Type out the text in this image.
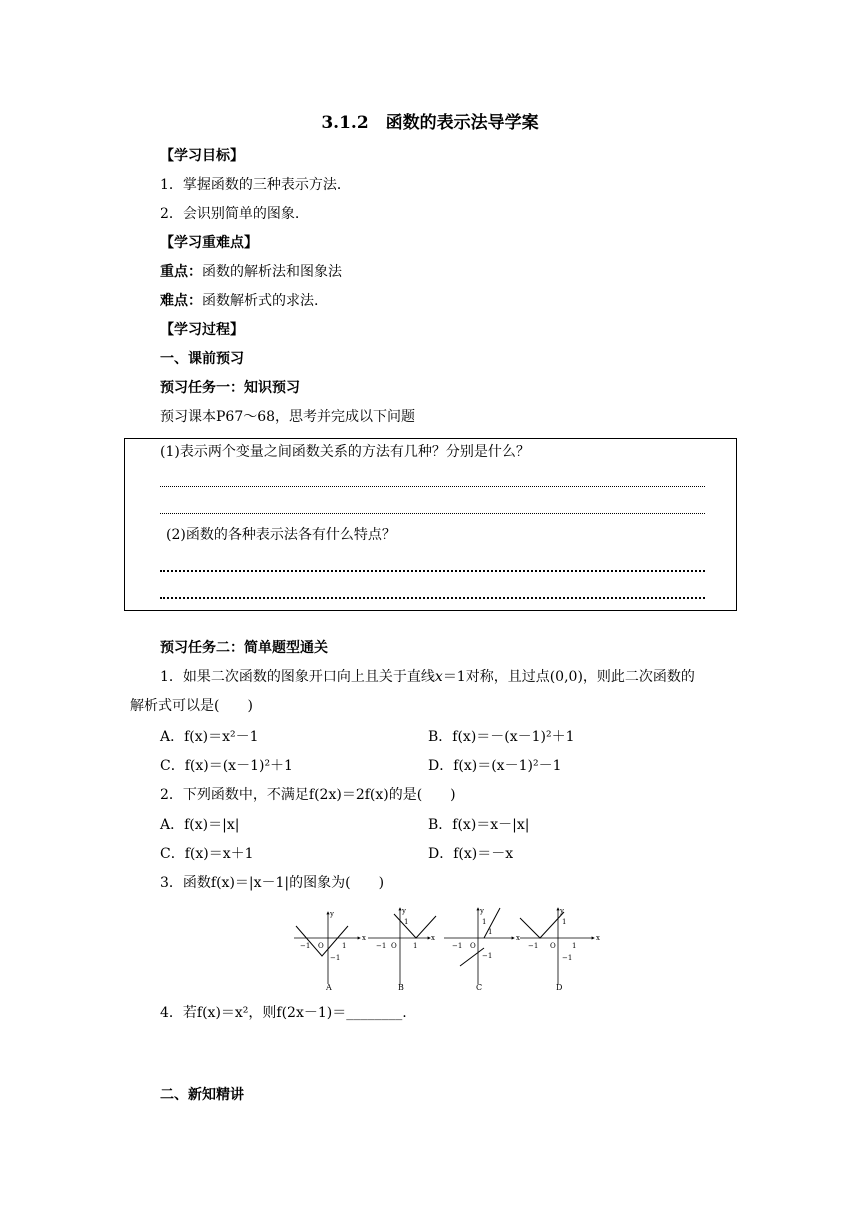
3.1.2　函数的表示法导学案
【学习目标】
1．掌握函数的三种表示方法．
2．会识别简单的图象.
【学习重难点】
重点：函数的解析法和图象法
难点：函数解析式的求法.
【学习过程】
一、课前预习
预习任务一：知识预习
预习课本P67～68，思考并完成以下问题
(1)表示两个变量之间函数关系的方法有几种？分别是什么？
(2)函数的各种表示法各有什么特点？
预习任务二：简单题型通关
1．如果二次函数的图象开口向上且关于直线x＝1对称，且过点(0,0)，则此二次函数的
解析式可以是(　　)
A．f(x)＝x²－1	B．f(x)＝－(x－1)²＋1
C．f(x)＝(x－1)²＋1	D．f(x)＝(x－1)²－1
2．下列函数中，不满足f(2x)＝2f(x)的是(　　)
A．f(x)＝|x|	B．f(x)＝x－|x|
C．f(x)＝x＋1	D．f(x)＝－x
3．函数f(x)＝|x－1|的图象为(　　)
x
y
−1 O	1
−1
A
x
y
1
−1 O 1
B
x
y
1
−1 O
1
−1
C
x
y
1
−1 O 1
−1
D
4．若f(x)＝x²，则f(2x－1)＝________.
二、新知精讲
